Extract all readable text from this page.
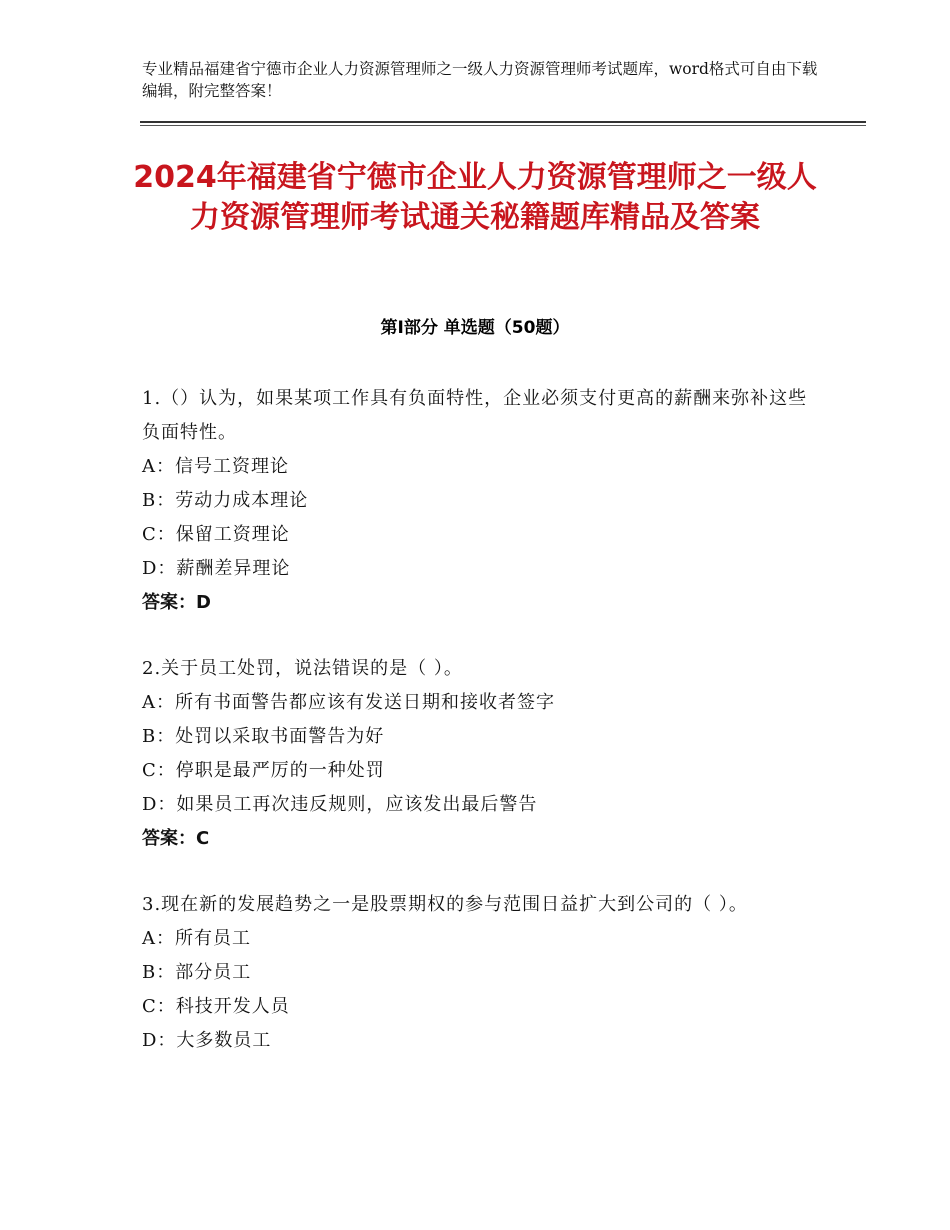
专业精品福建省宁德市企业人力资源管理师之一级人力资源管理师考试题库，word格式可自由下载编辑，附完整答案！
2024年福建省宁德市企业人力资源管理师之一级人力资源管理师考试通关秘籍题库精品及答案
第Ⅰ部分 单选题（50题）
1.（）认为，如果某项工作具有负面特性，企业必须支付更高的薪酬来弥补这些负面特性。
A：信号工资理论
B：劳动力成本理论
C：保留工资理论
D：薪酬差异理论
答案：D
2.关于员工处罚，说法错误的是（ ）。
A：所有书面警告都应该有发送日期和接收者签字
B：处罚以采取书面警告为好
C：停职是最严厉的一种处罚
D：如果员工再次违反规则，应该发出最后警告
答案：C
3.现在新的发展趋势之一是股票期权的参与范围日益扩大到公司的（ ）。
A：所有员工
B：部分员工
C：科技开发人员
D：大多数员工
